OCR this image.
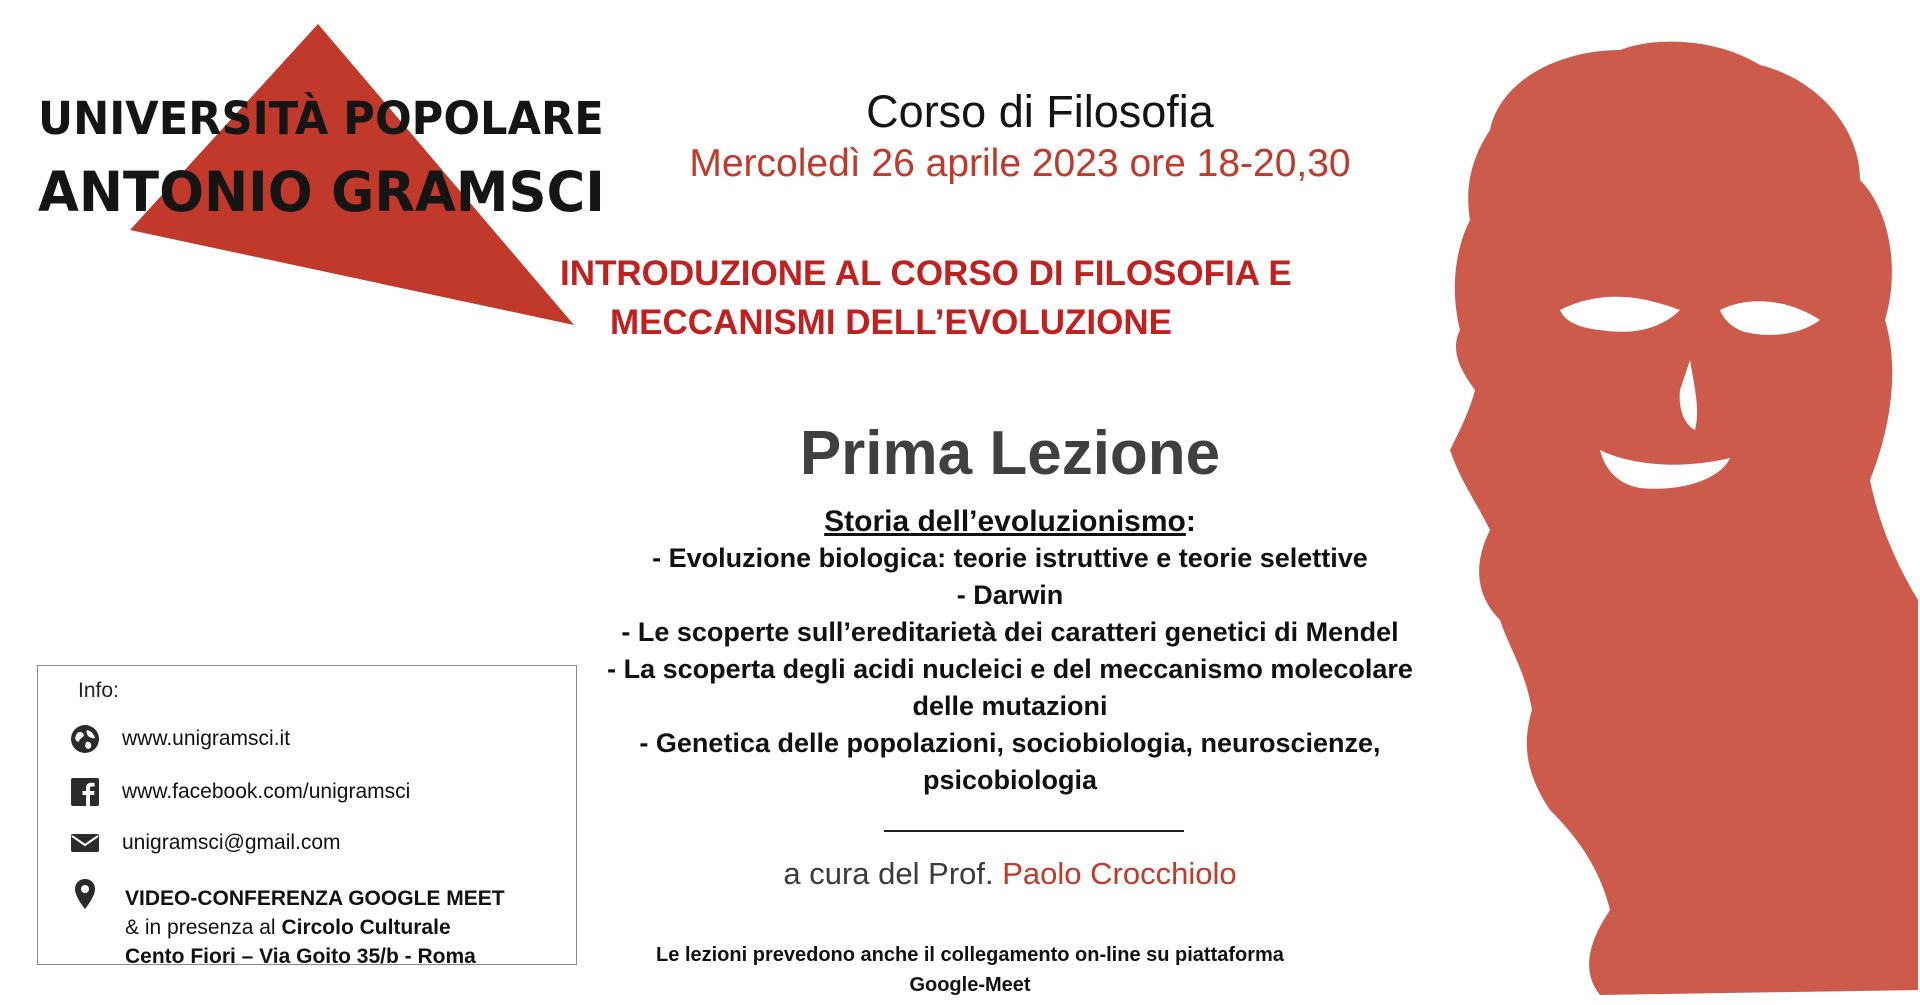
UNIVERSITÀ POPOLARE
ANTONIO GRAMSCI
Corso di Filosofia
Mercoledì 26 aprile 2023 ore 18-20,30
INTRODUZIONE AL CORSO DI FILOSOFIA E
MECCANISMI DELL’EVOLUZIONE
Prima Lezione
Storia dell’evoluzionismo:
- Evoluzione biologica: teorie istruttive e teorie selettive
- Darwin
- Le scoperte sull’ereditarietà dei caratteri genetici di Mendel
- La scoperta degli acidi nucleici e del meccanismo molecolare
delle mutazioni
- Genetica delle popolazioni, sociobiologia, neuroscienze,
psicobiologia
a cura del Prof. Paolo Crocchiolo
Le lezioni prevedono anche il collegamento on-line su piattaforma
Google-Meet
Info:
www.unigramsci.it
www.facebook.com/unigramsci
unigramsci@gmail.com
VIDEO-CONFERENZA GOOGLE MEET
& in presenza al Circolo Culturale
Cento Fiori – Via Goito 35/b - Roma
